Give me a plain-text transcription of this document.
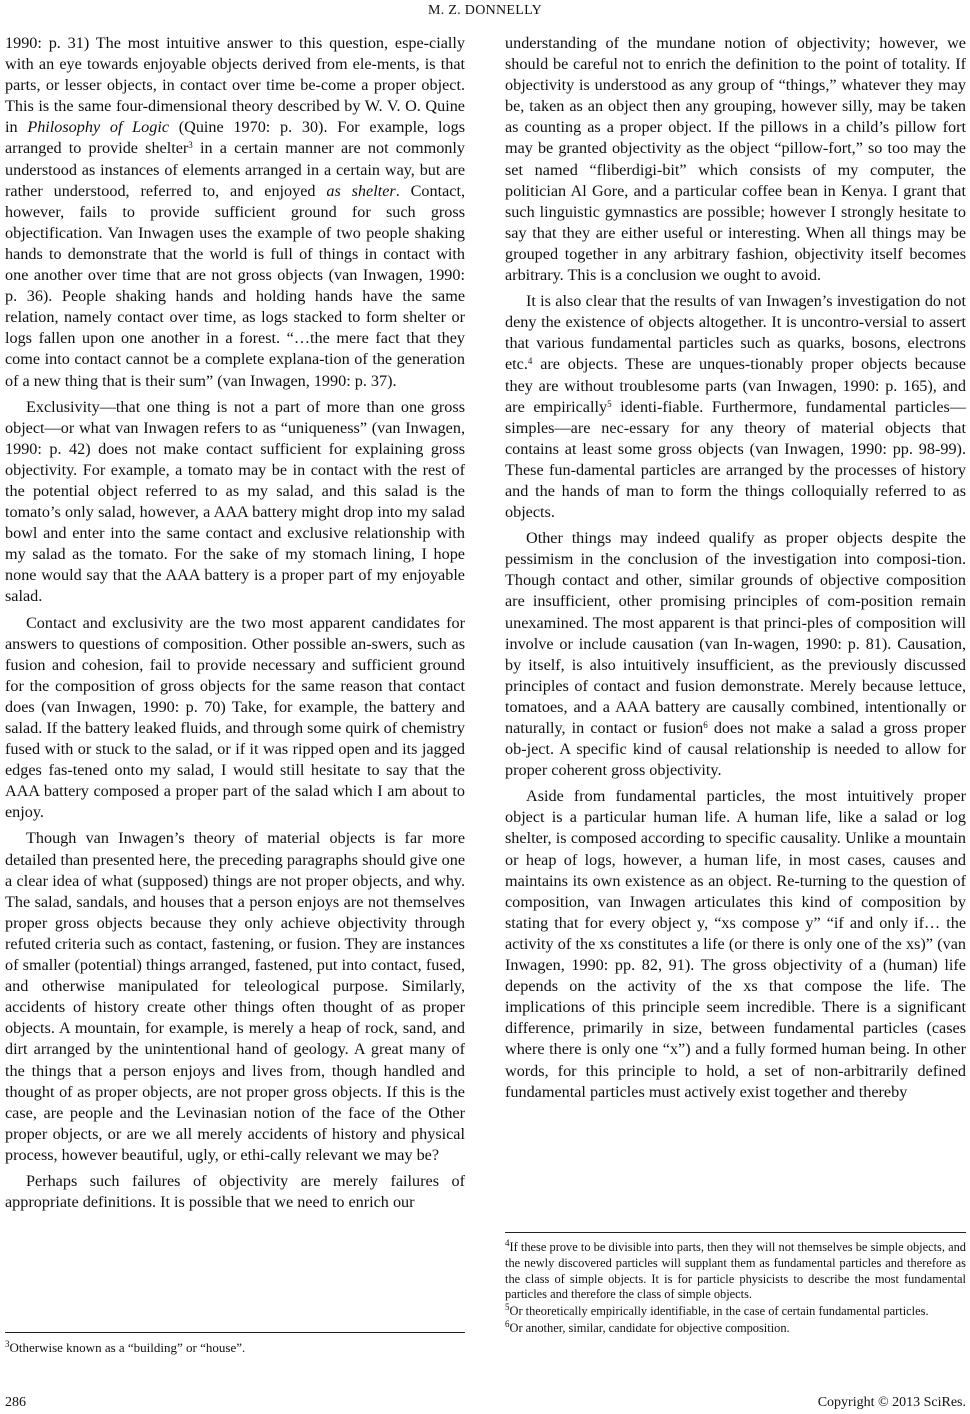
M. Z. DONNELLY

1990: p. 31) The most intuitive answer to this question, espe-cially with an eye towards enjoyable objects derived from ele-ments, is that parts, or lesser objects, in contact over time be-come a proper object. This is the same four-dimensional theory described by W. V. O. Quine in Philosophy of Logic (Quine 1970: p. 30). For example, logs arranged to provide shelter$^3$ in a certain manner are not commonly understood as instances of elements arranged in a certain way, but are rather understood, referred to, and enjoyed as shelter. Contact, however, fails to provide sufficient ground for such gross objectification. Van Inwagen uses the example of two people shaking hands to demonstrate that the world is full of things in contact with one another over time that are not gross objects (van Inwagen, 1990: p. 36). People shaking hands and holding hands have the same relation, namely contact over time, as logs stacked to form shelter or logs fallen upon one another in a forest. “…the mere fact that they come into contact cannot be a complete explana-tion of the generation of a new thing that is their sum” (van Inwagen, 1990: p. 37).

Exclusivity—that one thing is not a part of more than one gross object—or what van Inwagen refers to as “uniqueness” (van Inwagen, 1990: p. 42) does not make contact sufficient for explaining gross objectivity. For example, a tomato may be in contact with the rest of the potential object referred to as my salad, and this salad is the tomato’s only salad, however, a AAA battery might drop into my salad bowl and enter into the same contact and exclusive relationship with my salad as the tomato. For the sake of my stomach lining, I hope none would say that the AAA battery is a proper part of my enjoyable salad.

Contact and exclusivity are the two most apparent candidates for answers to questions of composition. Other possible an-swers, such as fusion and cohesion, fail to provide necessary and sufficient ground for the composition of gross objects for the same reason that contact does (van Inwagen, 1990: p. 70) Take, for example, the battery and salad. If the battery leaked fluids, and through some quirk of chemistry fused with or stuck to the salad, or if it was ripped open and its jagged edges fas-tened onto my salad, I would still hesitate to say that the AAA battery composed a proper part of the salad which I am about to enjoy.

Though van Inwagen’s theory of material objects is far more detailed than presented here, the preceding paragraphs should give one a clear idea of what (supposed) things are not proper objects, and why. The salad, sandals, and houses that a person enjoys are not themselves proper gross objects because they only achieve objectivity through refuted criteria such as contact, fastening, or fusion. They are instances of smaller (potential) things arranged, fastened, put into contact, fused, and otherwise manipulated for teleological purpose. Similarly, accidents of history create other things often thought of as proper objects. A mountain, for example, is merely a heap of rock, sand, and dirt arranged by the unintentional hand of geology. A great many of the things that a person enjoys and lives from, though handled and thought of as proper objects, are not proper gross objects. If this is the case, are people and the Levinasian notion of the face of the Other proper objects, or are we all merely accidents of history and physical process, however beautiful, ugly, or ethi-cally relevant we may be?

Perhaps such failures of objectivity are merely failures of appropriate definitions. It is possible that we need to enrich our

understanding of the mundane notion of objectivity; however, we should be careful not to enrich the definition to the point of totality. If objectivity is understood as any group of “things,” whatever they may be, taken as an object then any grouping, however silly, may be taken as counting as a proper object. If the pillows in a child’s pillow fort may be granted objectivity as the object “pillow-fort,” so too may the set named “fliberdigi-bit” which consists of my computer, the politician Al Gore, and a particular coffee bean in Kenya. I grant that such linguistic gymnastics are possible; however I strongly hesitate to say that they are either useful or interesting. When all things may be grouped together in any arbitrary fashion, objectivity itself becomes arbitrary. This is a conclusion we ought to avoid.

It is also clear that the results of van Inwagen’s investigation do not deny the existence of objects altogether. It is uncontro-versial to assert that various fundamental particles such as quarks, bosons, electrons etc.$^4$ are objects. These are unques-tionably proper objects because they are without troublesome parts (van Inwagen, 1990: p. 165), and are empirically$^5$ identi-fiable. Furthermore, fundamental particles—simples—are nec-essary for any theory of material objects that contains at least some gross objects (van Inwagen, 1990: pp. 98-99). These fun-damental particles are arranged by the processes of history and the hands of man to form the things colloquially referred to as objects.

Other things may indeed qualify as proper objects despite the pessimism in the conclusion of the investigation into composi-tion. Though contact and other, similar grounds of objective composition are insufficient, other promising principles of com-position remain unexamined. The most apparent is that princi-ples of composition will involve or include causation (van In-wagen, 1990: p. 81). Causation, by itself, is also intuitively insufficient, as the previously discussed principles of contact and fusion demonstrate. Merely because lettuce, tomatoes, and a AAA battery are causally combined, intentionally or naturally, in contact or fusion$^6$ does not make a salad a gross proper ob-ject. A specific kind of causal relationship is needed to allow for proper coherent gross objectivity.

Aside from fundamental particles, the most intuitively proper object is a particular human life. A human life, like a salad or log shelter, is composed according to specific causality. Unlike a mountain or heap of logs, however, a human life, in most cases, causes and maintains its own existence as an object. Re-turning to the question of composition, van Inwagen articulates this kind of composition by stating that for every object y, “xs compose y” “if and only if… the activity of the xs constitutes a life (or there is only one of the xs)” (van Inwagen, 1990: pp. 82, 91). The gross objectivity of a (human) life depends on the activity of the xs that compose the life. The implications of this principle seem incredible. There is a significant difference, primarily in size, between fundamental particles (cases where there is only one “x”) and a fully formed human being. In other words, for this principle to hold, a set of non-arbitrarily defined fundamental particles must actively exist together and thereby

$^3$Otherwise known as a “building” or “house”.

$^4$If these prove to be divisible into parts, then they will not themselves be simple objects, and the newly discovered particles will supplant them as fundamental particles and therefore as the class of simple objects. It is for particle physicists to describe the most fundamental particles and therefore the class of simple objects.

$^5$Or theoretically empirically identifiable, in the case of certain fundamental particles.

$^6$Or another, similar, candidate for objective composition.

286	Copyright © 2013 SciRes.
